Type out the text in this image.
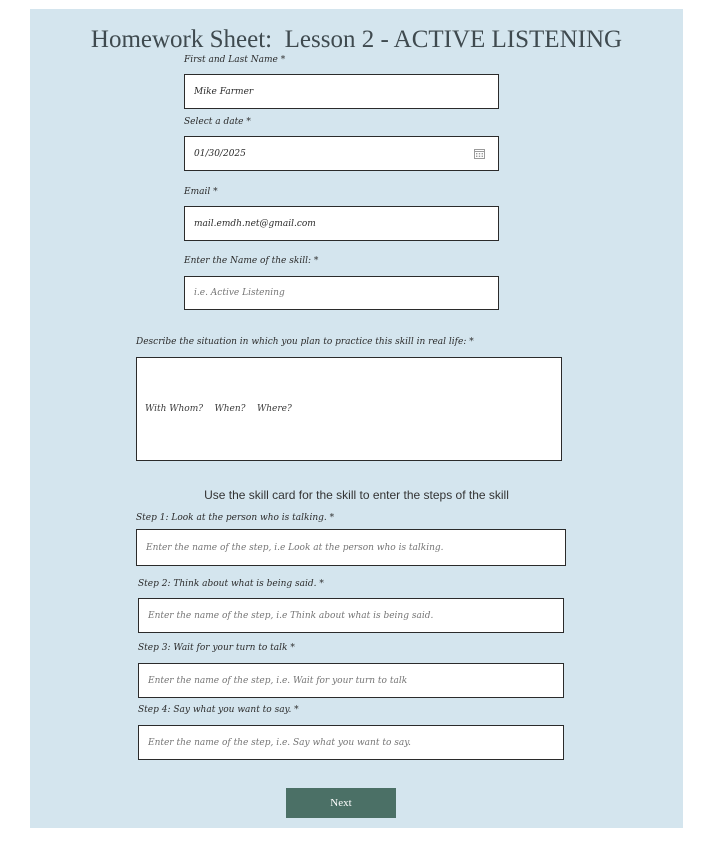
Homework Sheet:  Lesson 2 - ACTIVE LISTENING
First and Last Name *
Mike Farmer
Select a date *
01/30/2025
Email *
mail.emdh.net@gmail.com
Enter the Name of the skill: *
i.e. Active Listening
Describe the situation in which you plan to practice this skill in real life: *
With Whom?    When?    Where?
Use the skill card for the skill to enter the steps of the skill
Step 1: Look at the person who is talking. *
Enter the name of the step, i.e Look at the person who is talking.
Step 2: Think about what is being said. *
Enter the name of the step, i.e Think about what is being said.
Step 3: Wait for your turn to talk *
Enter the name of the step, i.e. Wait for your turn to talk
Step 4: Say what you want to say. *
Enter the name of the step, i.e. Say what you want to say.
Next
